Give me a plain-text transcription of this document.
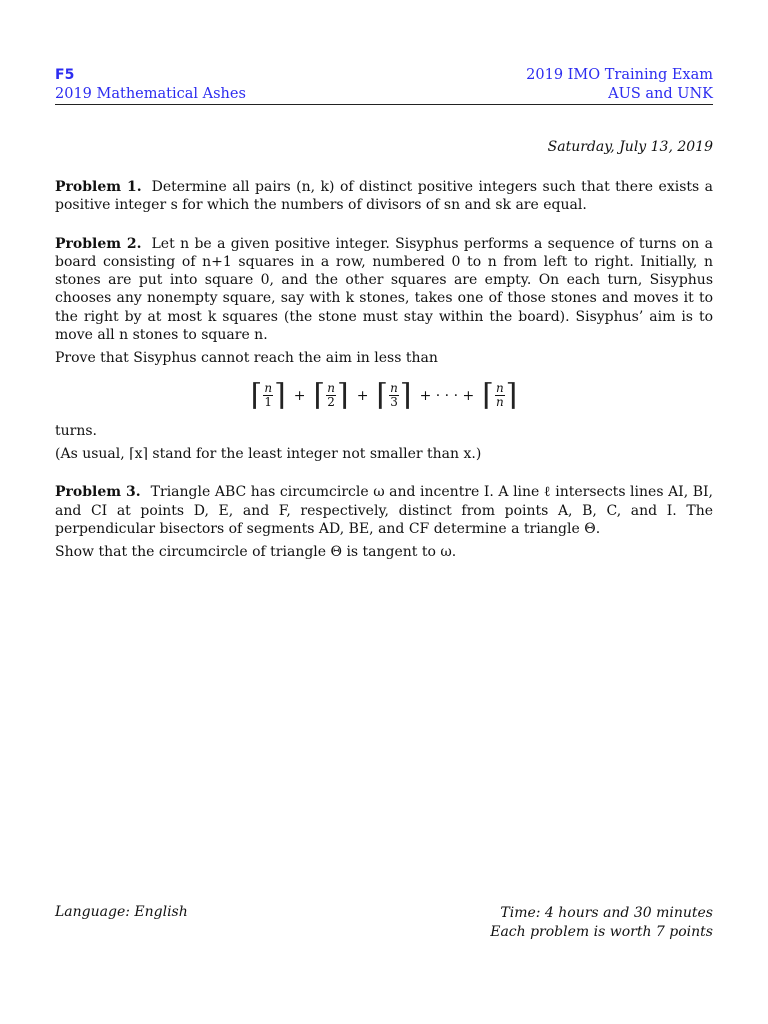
F5
2019 Mathematical Ashes
2019 IMO Training Exam
AUS and UNK
Saturday, July 13, 2019

Problem 1. Determine all pairs (n, k) of distinct positive integers such that there exists a positive integer s for which the numbers of divisors of sn and sk are equal.

Problem 2. Let n be a given positive integer. Sisyphus performs a sequence of turns on a board consisting of n+1 squares in a row, numbered 0 to n from left to right. Initially, n stones are put into square 0, and the other squares are empty. On each turn, Sisyphus chooses any nonempty square, say with k stones, takes one of those stones and moves it to the right by at most k squares (the stone must stay within the board). Sisyphus’ aim is to move all n stones to square n.

Prove that Sisyphus cannot reach the aim in less than

⌈ $\frac{n}{1}$ ⌉ + ⌈ $\frac{n}{2}$ ⌉ + ⌈ $\frac{n}{3}$ ⌉ + · · · + ⌈ $\frac{n}{n}$ ⌉

turns.

(As usual, ⌈x⌉ stand for the least integer not smaller than x.)

Problem 3. Triangle ABC has circumcircle ω and incentre I. A line ℓ intersects lines AI, BI, and CI at points D, E, and F, respectively, distinct from points A, B, C, and I. The perpendicular bisectors of segments AD, BE, and CF determine a triangle Θ.

Show that the circumcircle of triangle Θ is tangent to ω.

Language: English	Time: 4 hours and 30 minutes
Each problem is worth 7 points
